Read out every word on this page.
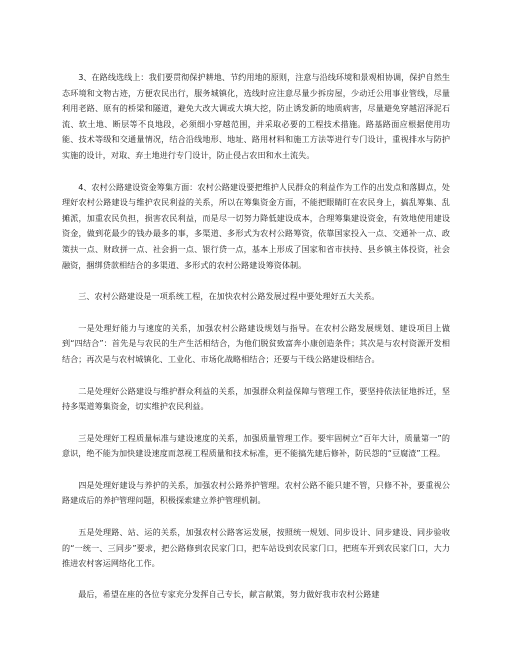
3、在路线选线上：我们要贯彻保护耕地、节约用地的原则，注意与沿线环境和景观相协调，保护自然生态环境和文物古迹，方便农民出行，服务城镇化，选线时应注意尽量少拆房屋，少动迁公用事业管线，尽量利用老路、原有的桥梁和隧道，避免大改大调或大填大挖，防止诱发新的地质病害，尽量避免穿越沼泽泥石流、软土地、断层等不良地段，必须细小穿越范围，并采取必要的工程技术措施。路基路面应根据使用功能、技术等级和交通量情况，结合沿线地形、地址、路用材料和施工方法等进行专门设计，重视排水与防护实施的设计，对取、弃土地进行专门设计，防止侵占农田和水土流失。

4、农村公路建设资金筹集方面：农村公路建设要把维护人民群众的利益作为工作的出发点和落脚点，处理好农村公路建设与维护农民利益的关系，所以在筹集资金方面，不能把眼睛盯在农民身上，搞乱筹集、乱摊派，加重农民负担，损害农民利益，而是尽一切努力降低建设成本，合理筹集建设资金，有效地使用建设资金，做到花最少的钱办最多的事，多渠道、多形式为农村公路筹资，依靠国家投入一点、交通补一点、政策扶一点、财政拼一点、社会捐一点、银行贷一点，基本上形成了国家和省市扶持、县乡镇主体投资，社会融资，捆绑贷款相结合的多渠道、多形式的农村公路建设筹资体制。

三、农村公路建设是一项系统工程，在加快农村公路发展过程中要处理好五大关系。

一是处理好能力与速度的关系，加强农村公路建设规划与指导。在农村公路发展规划、建设项目上做到“四结合”：首先是与农民的生产生活相结合，为他们脱贫致富奔小康创造条件；其次是与农村资源开发相结合；再次是与农村城镇化、工业化、市场化战略相结合；还要与干线公路建设相结合。

二是处理好公路建设与维护群众利益的关系，加强群众利益保障与管理工作，要坚持依法征地拆迁，坚持多渠道筹集资金，切实维护农民利益。

三是处理好工程质量标准与建设速度的关系，加强质量管理工作。要牢固树立“百年大计，质量第一”的意识，绝不能为加快建设速度而忽视工程质量和技术标准，更不能搞先建后修补，防民怨的“豆腐渣”工程。

四是处理好建设与养护的关系，加强农村公路养护管理。农村公路不能只建不管，只修不补，要重视公路建成后的养护管理问题，积极探索建立养护管理机制。

五是处理路、站、运的关系，加强农村公路客运发展，按照统一规划、同步设计、同步建设、同步验收的“一统一、三同步”要求，把公路修到农民家门口，把车站设到农民家门口，把班车开到农民家门口，大力推进农村客运网络化工作。

最后，希望在座的各位专家充分发挥自己专长，献言献策，努力做好我市农村公路建
